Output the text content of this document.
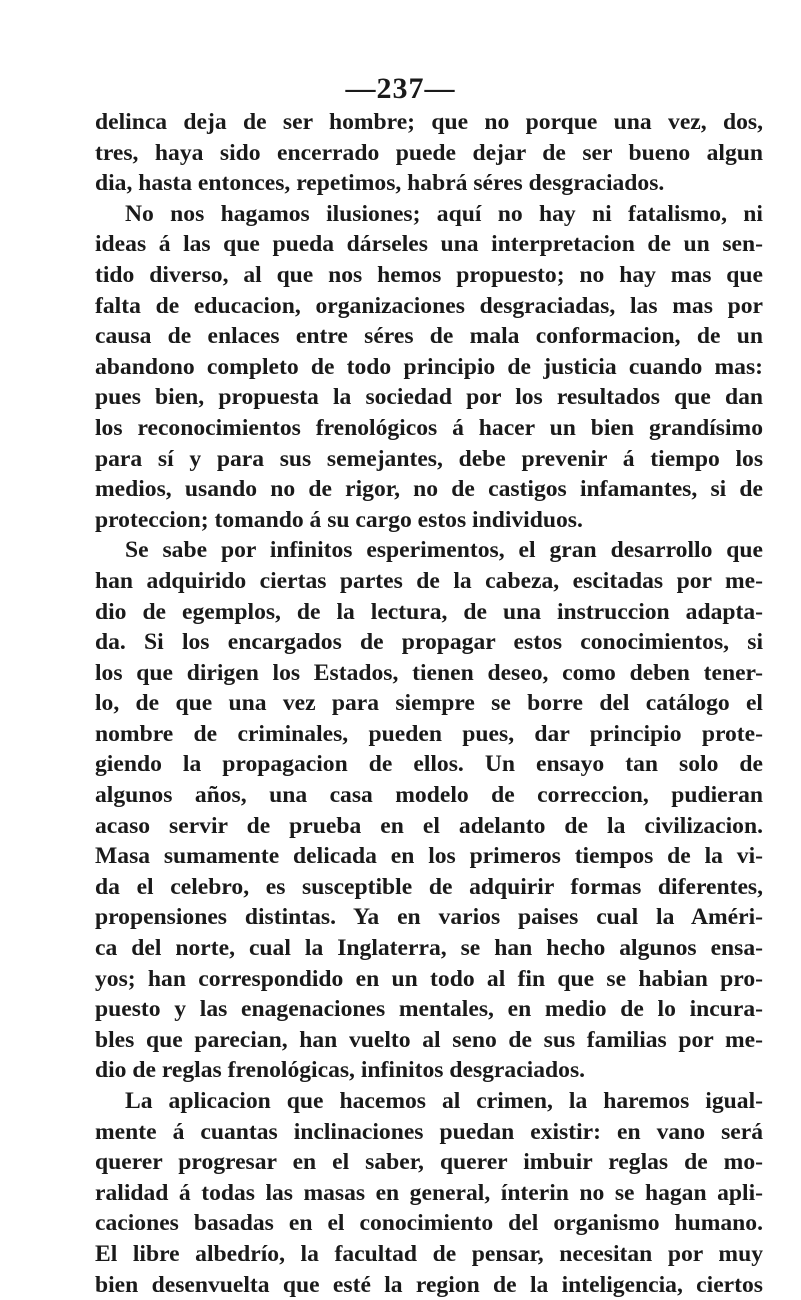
—237—
delinca deja de ser hombre; que no porque una vez, dos,
tres, haya sido encerrado puede dejar de ser bueno algun
dia, hasta entonces, repetimos, habrá séres desgraciados.
No nos hagamos ilusiones; aquí no hay ni fatalismo, ni
ideas á las que pueda dárseles una interpretacion de un sen-
tido diverso, al que nos hemos propuesto; no hay mas que
falta de educacion, organizaciones desgraciadas, las mas por
causa de enlaces entre séres de mala conformacion, de un
abandono completo de todo principio de justicia cuando mas:
pues bien, propuesta la sociedad por los resultados que dan
los reconocimientos frenológicos á hacer un bien grandísimo
para sí y para sus semejantes, debe prevenir á tiempo los
medios, usando no de rigor, no de castigos infamantes, si de
proteccion; tomando á su cargo estos individuos.
Se sabe por infinitos esperimentos, el gran desarrollo que
han adquirido ciertas partes de la cabeza, escitadas por me-
dio de egemplos, de la lectura, de una instruccion adapta-
da. Si los encargados de propagar estos conocimientos, si
los que dirigen los Estados, tienen deseo, como deben tener-
lo, de que una vez para siempre se borre del catálogo el
nombre de criminales, pueden pues, dar principio prote-
giendo la propagacion de ellos. Un ensayo tan solo de
algunos años, una casa modelo de correccion, pudieran
acaso servir de prueba en el adelanto de la civilizacion.
Masa sumamente delicada en los primeros tiempos de la vi-
da el celebro, es susceptible de adquirir formas diferentes,
propensiones distintas. Ya en varios paises cual la Améri-
ca del norte, cual la Inglaterra, se han hecho algunos ensa-
yos; han correspondido en un todo al fin que se habian pro-
puesto y las enagenaciones mentales, en medio de lo incura-
bles que parecian, han vuelto al seno de sus familias por me-
dio de reglas frenológicas, infinitos desgraciados.
La aplicacion que hacemos al crimen, la haremos igual-
mente á cuantas inclinaciones puedan existir: en vano será
querer progresar en el saber, querer imbuir reglas de mo-
ralidad á todas las masas en general, ínterin no se hagan apli-
caciones basadas en el conocimiento del organismo humano.
El libre albedrío, la facultad de pensar, necesitan por muy
bien desenvuelta que esté la region de la inteligencia, ciertos
